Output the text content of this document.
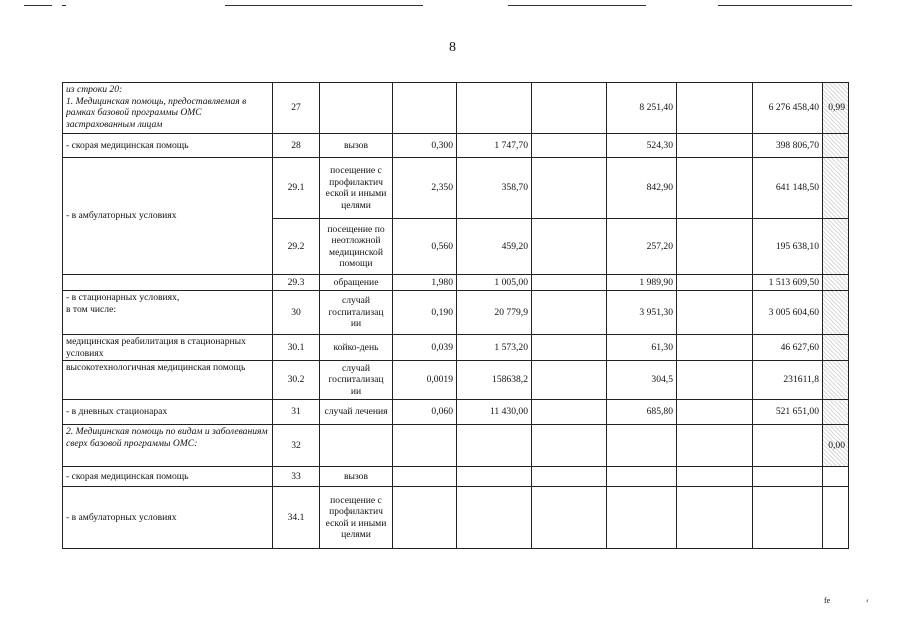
8
из строки 20:
1. Медицинская помощь, предоставляемая в рамках базовой программы ОМС застрахованным лицам	27					8 251,40		6 276 458,40	0,99
- скорая медицинская помощь	28	вызов	0,300	1 747,70		524,30		398 806,70	
- в амбулаторных условиях	29.1	посещение с профилактич еской и иными целями	2,350	358,70		842,90		641 148,50	
	29.2	посещение по неотложной медицинской помощи	0,560	459,20		257,20		195 638,10	
	29.3	обращение	1,980	1 005,00		1 989,90		1 513 609,50	
- в стационарных условиях,
в том числе:	30	случай госпитализац ии	0,190	20 779,9		3 951,30		3 005 604,60	
медицинская реабилитация в стационарных условиях	30.1	койко-день	0,039	1 573,20		61,30		46 627,60	
высокотехнологичная медицинская помощь	30.2	случай госпитализац ии	0,0019	158638,2		304,5		231611,8	
- в дневных стационарах	31	случай лечения	0,060	11 430,00		685,80		521 651,00	
2. Медицинская помощь по видам и заболеваниям сверх базовой программы ОМС:	32								0,00
- скорая медицинская помощь	33	вызов							
- в амбулаторных условиях	34.1	посещение с профилактич еской и иными целями							
fe	‹
